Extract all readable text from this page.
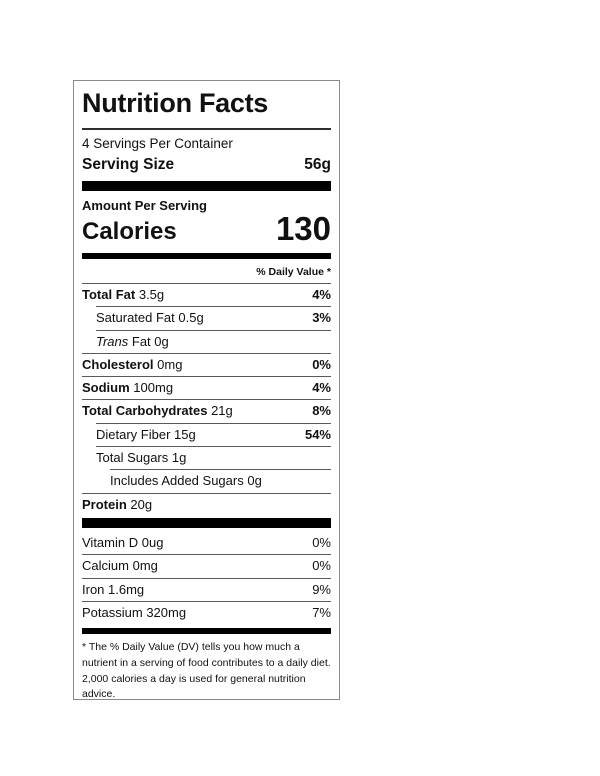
Nutrition Facts
4 Servings Per Container
Serving Size	56g
Amount Per Serving
Calories	130
% Daily Value *
Total Fat 3.5g	4%
Saturated Fat 0.5g	3%
Trans Fat 0g
Cholesterol 0mg	0%
Sodium 100mg	4%
Total Carbohydrates 21g	8%
Dietary Fiber 15g	54%
Total Sugars 1g
Includes Added Sugars 0g
Protein 20g
Vitamin D 0ug	0%
Calcium 0mg	0%
Iron 1.6mg	9%
Potassium 320mg	7%
* The % Daily Value (DV) tells you how much a nutrient in a serving of food contributes to a daily diet. 2,000 calories a day is used for general nutrition advice.
